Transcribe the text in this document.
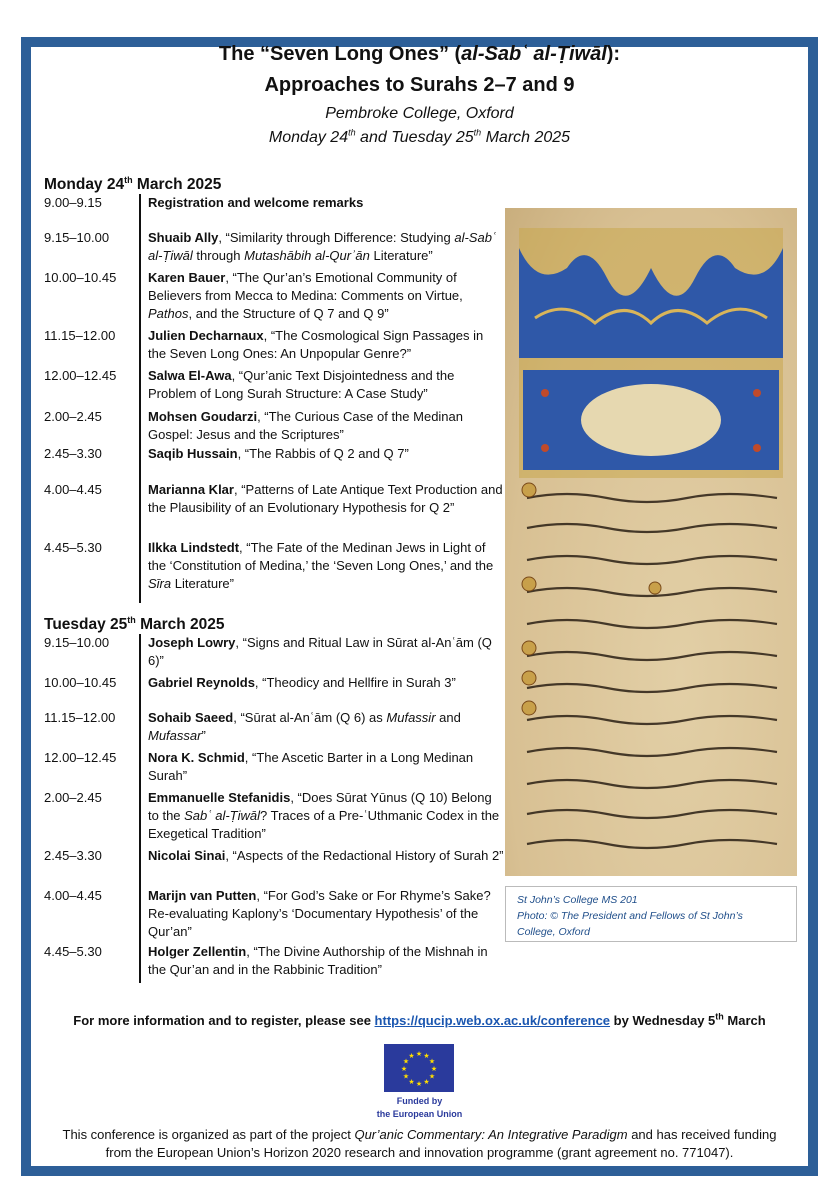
The “Seven Long Ones” (al-Sabʿ al-Ṭiwāl):
Approaches to Surahs 2–7 and 9
Pembroke College, Oxford
Monday 24th and Tuesday 25th March 2025
Monday 24th March 2025
9.00–9.15	Registration and welcome remarks
9.15–10.00	Shuaib Ally, “Similarity through Difference: Studying al-Sabʿ al-Ṭiwāl through Mutashābih al-Qurʾān Literature”
10.00–10.45	Karen Bauer, “The Qur’an’s Emotional Community of Believers from Mecca to Medina: Comments on Virtue, Pathos, and the Structure of Q 7 and Q 9”
11.15–12.00	Julien Decharnaux, “The Cosmological Sign Passages in the Seven Long Ones: An Unpopular Genre?”
12.00–12.45	Salwa El-Awa, “Qur’anic Text Disjointedness and the Problem of Long Surah Structure: A Case Study”
2.00–2.45	Mohsen Goudarzi, “The Curious Case of the Medinan Gospel: Jesus and the Scriptures”
2.45–3.30	Saqib Hussain, “The Rabbis of Q 2 and Q 7”
4.00–4.45	Marianna Klar, “Patterns of Late Antique Text Production and the Plausibility of an Evolutionary Hypothesis for Q 2”
4.45–5.30	Ilkka Lindstedt, “The Fate of the Medinan Jews in Light of the ‘Constitution of Medina,’ the ‘Seven Long Ones,’ and the Sīra Literature”
Tuesday 25th March 2025
9.15–10.00	Joseph Lowry, “Signs and Ritual Law in Sūrat al-Anʿām (Q 6)”
10.00–10.45	Gabriel Reynolds, “Theodicy and Hellfire in Surah 3”
11.15–12.00	Sohaib Saeed, “Sūrat al-Anʿām (Q 6) as Mufassir and Mufassar”
12.00–12.45	Nora K. Schmid, “The Ascetic Barter in a Long Medinan Surah”
2.00–2.45	Emmanuelle Stefanidis, “Does Sūrat Yūnus (Q 10) Belong to the Sabʿ al-Ṭiwāl? Traces of a Pre-ʿUthmanic Codex in the Exegetical Tradition”
2.45–3.30	Nicolai Sinai, “Aspects of the Redactional History of Surah 2”
4.00–4.45	Marijn van Putten, “For God’s Sake or For Rhyme’s Sake? Re-evaluating Kaplony’s ‘Documentary Hypothesis’ of the Qur’an”
4.45–5.30	Holger Zellentin, “The Divine Authorship of the Mishnah in the Qur’an and in the Rabbinic Tradition”
St John’s College MS 201
Photo: © The President and Fellows of St John’s
College, Oxford
For more information and to register, please see https://qucip.web.ox.ac.uk/conference by Wednesday 5th March
★ ★
★
★
★
★
★
★
★
★
★
★
Funded by
the European Union
This conference is organized as part of the project Qur’anic Commentary: An Integrative Paradigm and has received funding from the European Union’s Horizon 2020 research and innovation programme (grant agreement no. 771047).
